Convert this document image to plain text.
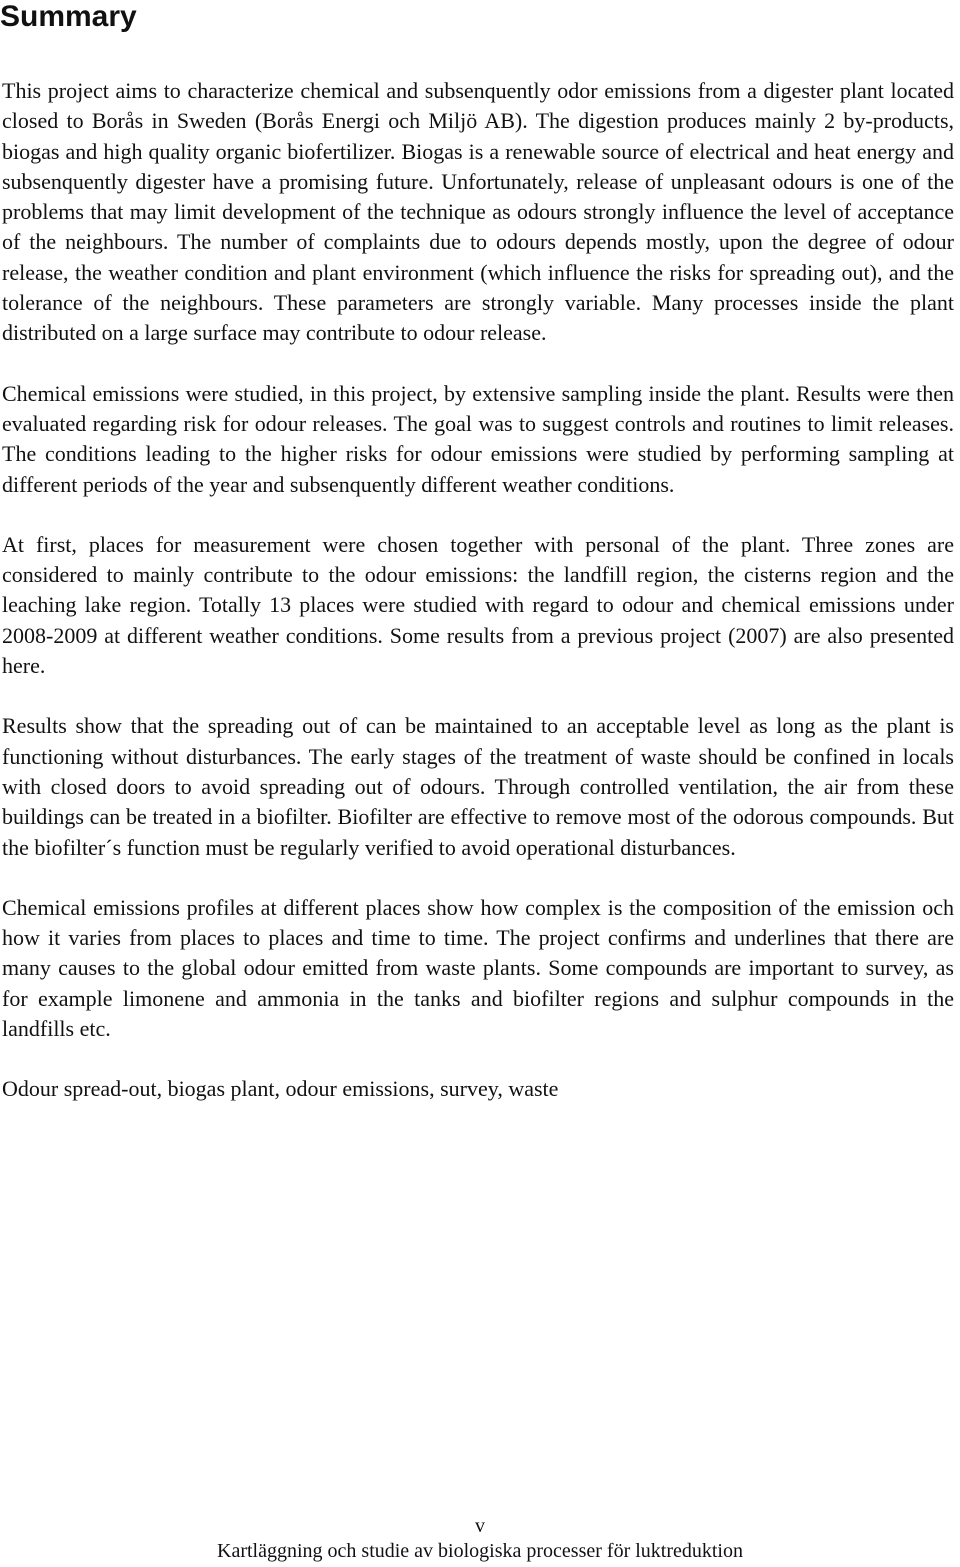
Summary

This project aims to characterize chemical and subsenquently odor emissions from a digester plant located closed to Borås in Sweden (Borås Energi och Miljö AB). The digestion produces mainly 2 by-products, biogas and high quality organic biofertilizer. Biogas is a renewable source of electrical and heat energy and subsenquently digester have a promising future. Unfortunately, release of unpleasant odours is one of the problems that may limit development of the technique as odours strongly influence the level of acceptance of the neighbours. The number of complaints due to odours depends mostly, upon the degree of odour release, the weather condition and plant environment (which influence the risks for spreading out), and the tolerance of the neighbours. These parameters are strongly variable. Many processes inside the plant distributed on a large surface may contribute to odour release.

Chemical emissions were studied, in this project, by extensive sampling inside the plant. Results were then evaluated regarding risk for odour releases. The goal was to suggest controls and routines to limit releases. The conditions leading to the higher risks for odour emissions were studied by performing sampling at different periods of the year and subsenquently different weather conditions.

At first, places for measurement were chosen together with personal of the plant. Three zones are considered to mainly contribute to the odour emissions: the landfill region, the cisterns region and the leaching lake region. Totally 13 places were studied with regard to odour and chemical emissions under 2008-2009 at different weather conditions. Some results from a previous project (2007) are also presented here.

Results show that the spreading out of can be maintained to an acceptable level as long as the plant is functioning without disturbances. The early stages of the treatment of waste should be confined in locals with closed doors to avoid spreading out of odours. Through controlled ventilation, the air from these buildings can be treated in a biofilter. Biofilter are effective to remove most of the odorous compounds. But the biofilter´s function must be regularly verified to avoid operational disturbances.

Chemical emissions profiles at different places show how complex is the composition of the emission och how it varies from places to places and time to time. The project confirms and underlines that there are many causes to the global odour emitted from waste plants. Some compounds are important to survey, as for example limonene and ammonia in the tanks and biofilter regions and sulphur compounds in the landfills etc.

Odour spread-out, biogas plant, odour emissions, survey, waste

v
Kartläggning och studie av biologiska processer för luktreduktion
